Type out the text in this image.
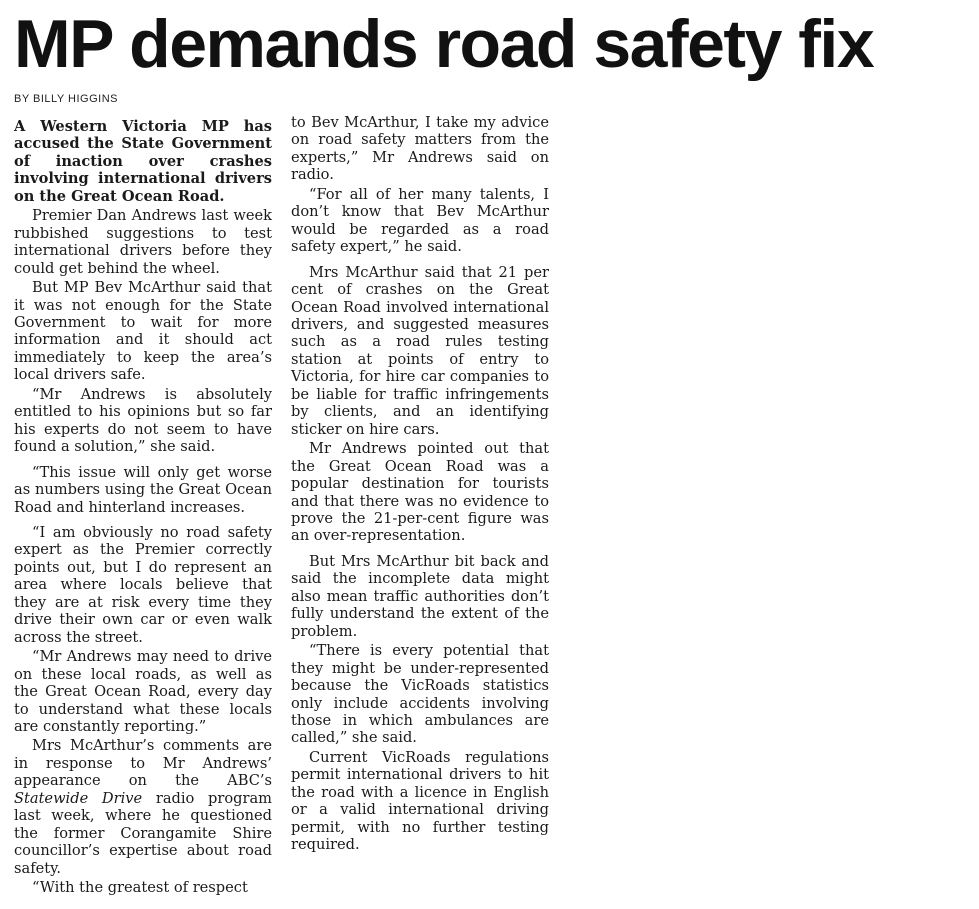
MP demands road safety fix
BY BILLY HIGGINS

A Western Victoria MP has accused the State Government of inaction over crashes involving international drivers on the Great Ocean Road.

Premier Dan Andrews last week rubbished suggestions to test international drivers before they could get behind the wheel.

But MP Bev McArthur said that it was not enough for the State Government to wait for more information and it should act immediately to keep the area’s local drivers safe.

“Mr Andrews is absolutely entitled to his opinions but so far his experts do not seem to have found a solution,” she said.

“This issue will only get worse as numbers using the Great Ocean Road and hinterland increases.

“I am obviously no road safety expert as the Premier correctly points out, but I do represent an area where locals believe that they are at risk every time they drive their own car or even walk across the street.

“Mr Andrews may need to drive on these local roads, as well as the Great Ocean Road, every day to understand what these locals are constantly reporting.”

Mrs McArthur’s comments are in response to Mr Andrews’ appearance on the ABC’s Statewide Drive radio program last week, where he questioned the former Corangamite Shire councillor’s expertise about road safety.

“With the greatest of respect

to Bev McArthur, I take my advice on road safety matters from the experts,” Mr Andrews said on radio.

“For all of her many talents, I don’t know that Bev McArthur would be regarded as a road safety expert,” he said.

Mrs McArthur said that 21 per cent of crashes on the Great Ocean Road involved international drivers, and suggested measures such as a road rules testing station at points of entry to Victoria, for hire car companies to be liable for traffic infringements by clients, and an identifying sticker on hire cars.

Mr Andrews pointed out that the Great Ocean Road was a popular destination for tourists and that there was no evidence to prove the 21-per-cent figure was an over-representation.

But Mrs McArthur bit back and said the incomplete data might also mean traffic authorities don’t fully understand the extent of the problem.

“There is every potential that they might be under-represented because the VicRoads statistics only include accidents involving those in which ambulances are called,” she said.

Current VicRoads regulations permit international drivers to hit the road with a licence in English or a valid international driving permit, with no further testing required.
